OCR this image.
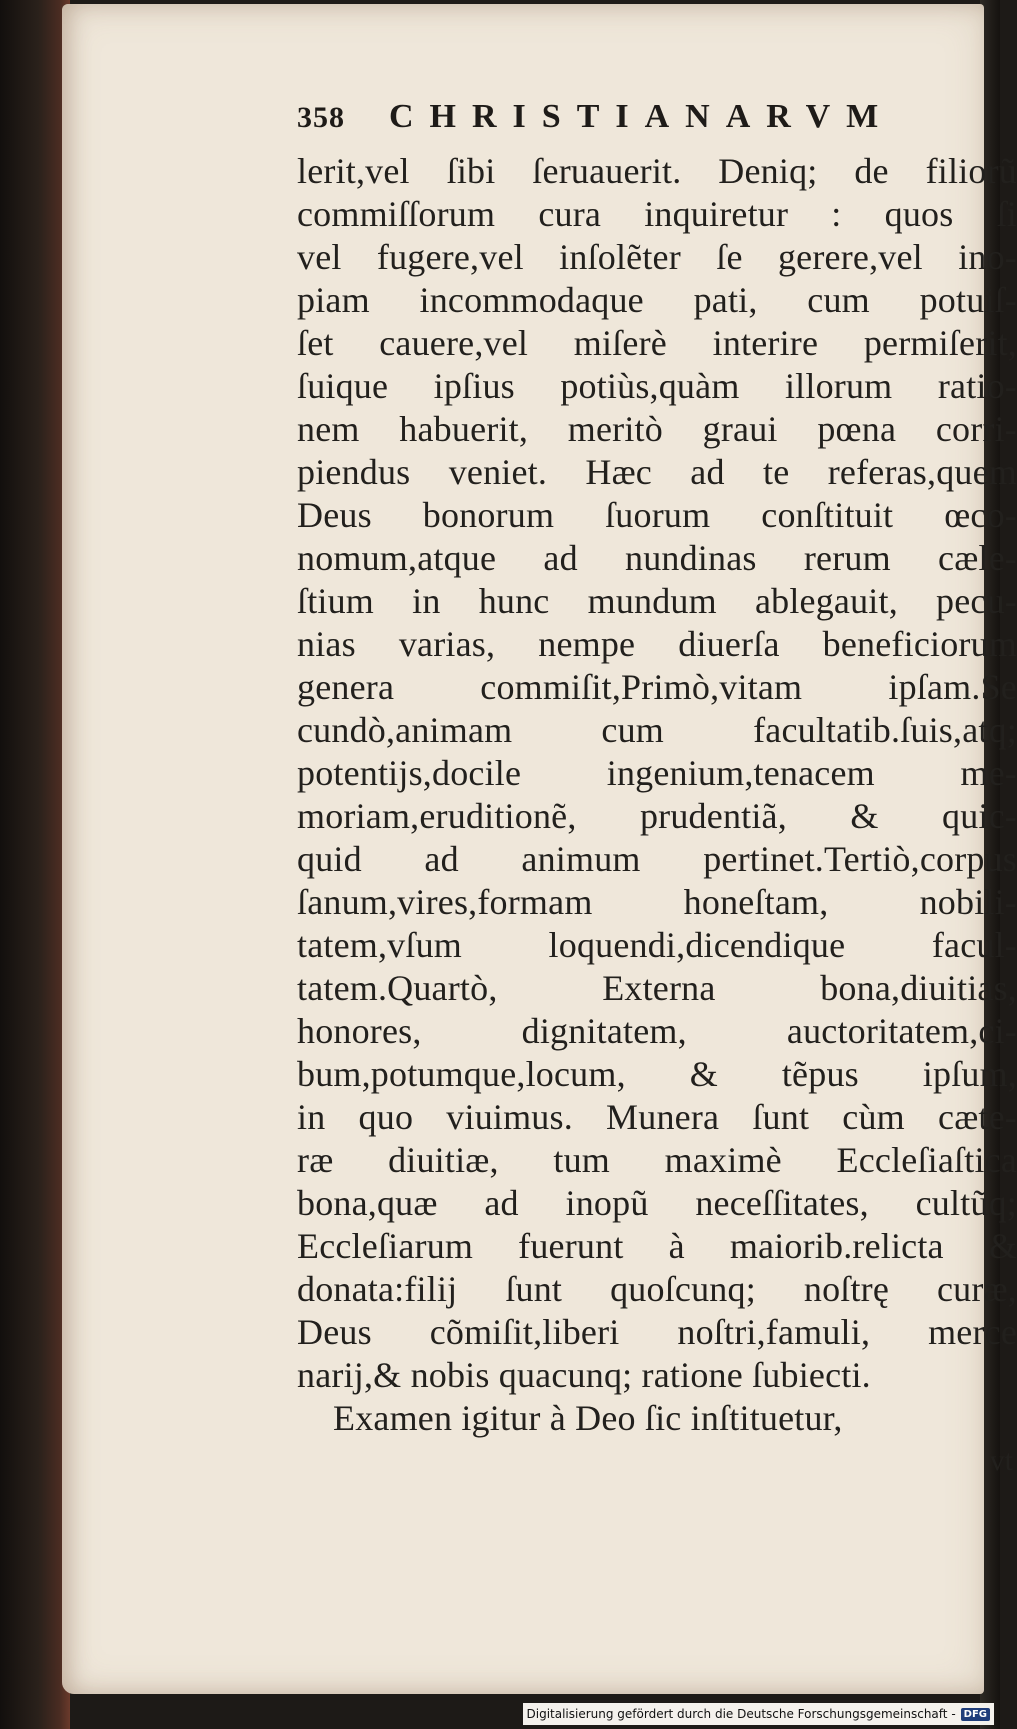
358	CHRISTIANARVM
lerit,vel ſibi ſeruauerit. Deniq; de filiorũ
commiſſorum cura inquiretur : quos ſi
vel fugere,vel inſolẽter ſe gerere,vel ino-
piam incommodaque pati, cum potuiſ-
ſet cauere,vel miſerè interire permiſerit,
ſuique ipſius potiùs,quàm illorum ratio-
nem habuerit, meritò graui pœna corri-
piendus veniet. Hæc ad te referas,quem
Deus bonorum ſuorum conſtituit œco-
nomum,atque ad nundinas rerum cæle-
ſtium in hunc mundum ablegauit, pecu-
nias varias, nempe diuerſa beneficiorum
genera commiſit,Primò,vitam ipſam.Se
cundò,animam cum facultatib.ſuis,atq;
potentijs,docile ingenium,tenacem me-
moriam,eruditionẽ, prudentiã, & quic-
quid ad animum pertinet.Tertiò,corpus
ſanum,vires,formam honeſtam, nobili-
tatem,vſum loquendi,dicendique facul-
tatem.Quartò, Externa bona,diuitias,
honores, dignitatem, auctoritatem,ci-
bum,potumque,locum, & tẽpus ipſum,
in quo viuimus. Munera ſunt cùm cæte-
ræ diuitiæ, tum maximè Eccleſiaſtica
bona,quæ ad inopũ neceſſitates, cultũq;
Eccleſiarum fuerunt à maiorib.relicta &
donata:filij ſunt quoſcunq; noſtrę curæ,
Deus cõmiſit,liberi noſtri,famuli, merce
narij,& nobis quacunq; ratione ſubiecti.
Examen igitur à Deo ſic inſtituetur,
vt
Digitalisierung gefördert durch die Deutsche Forschungsgemeinschaft - DFG
